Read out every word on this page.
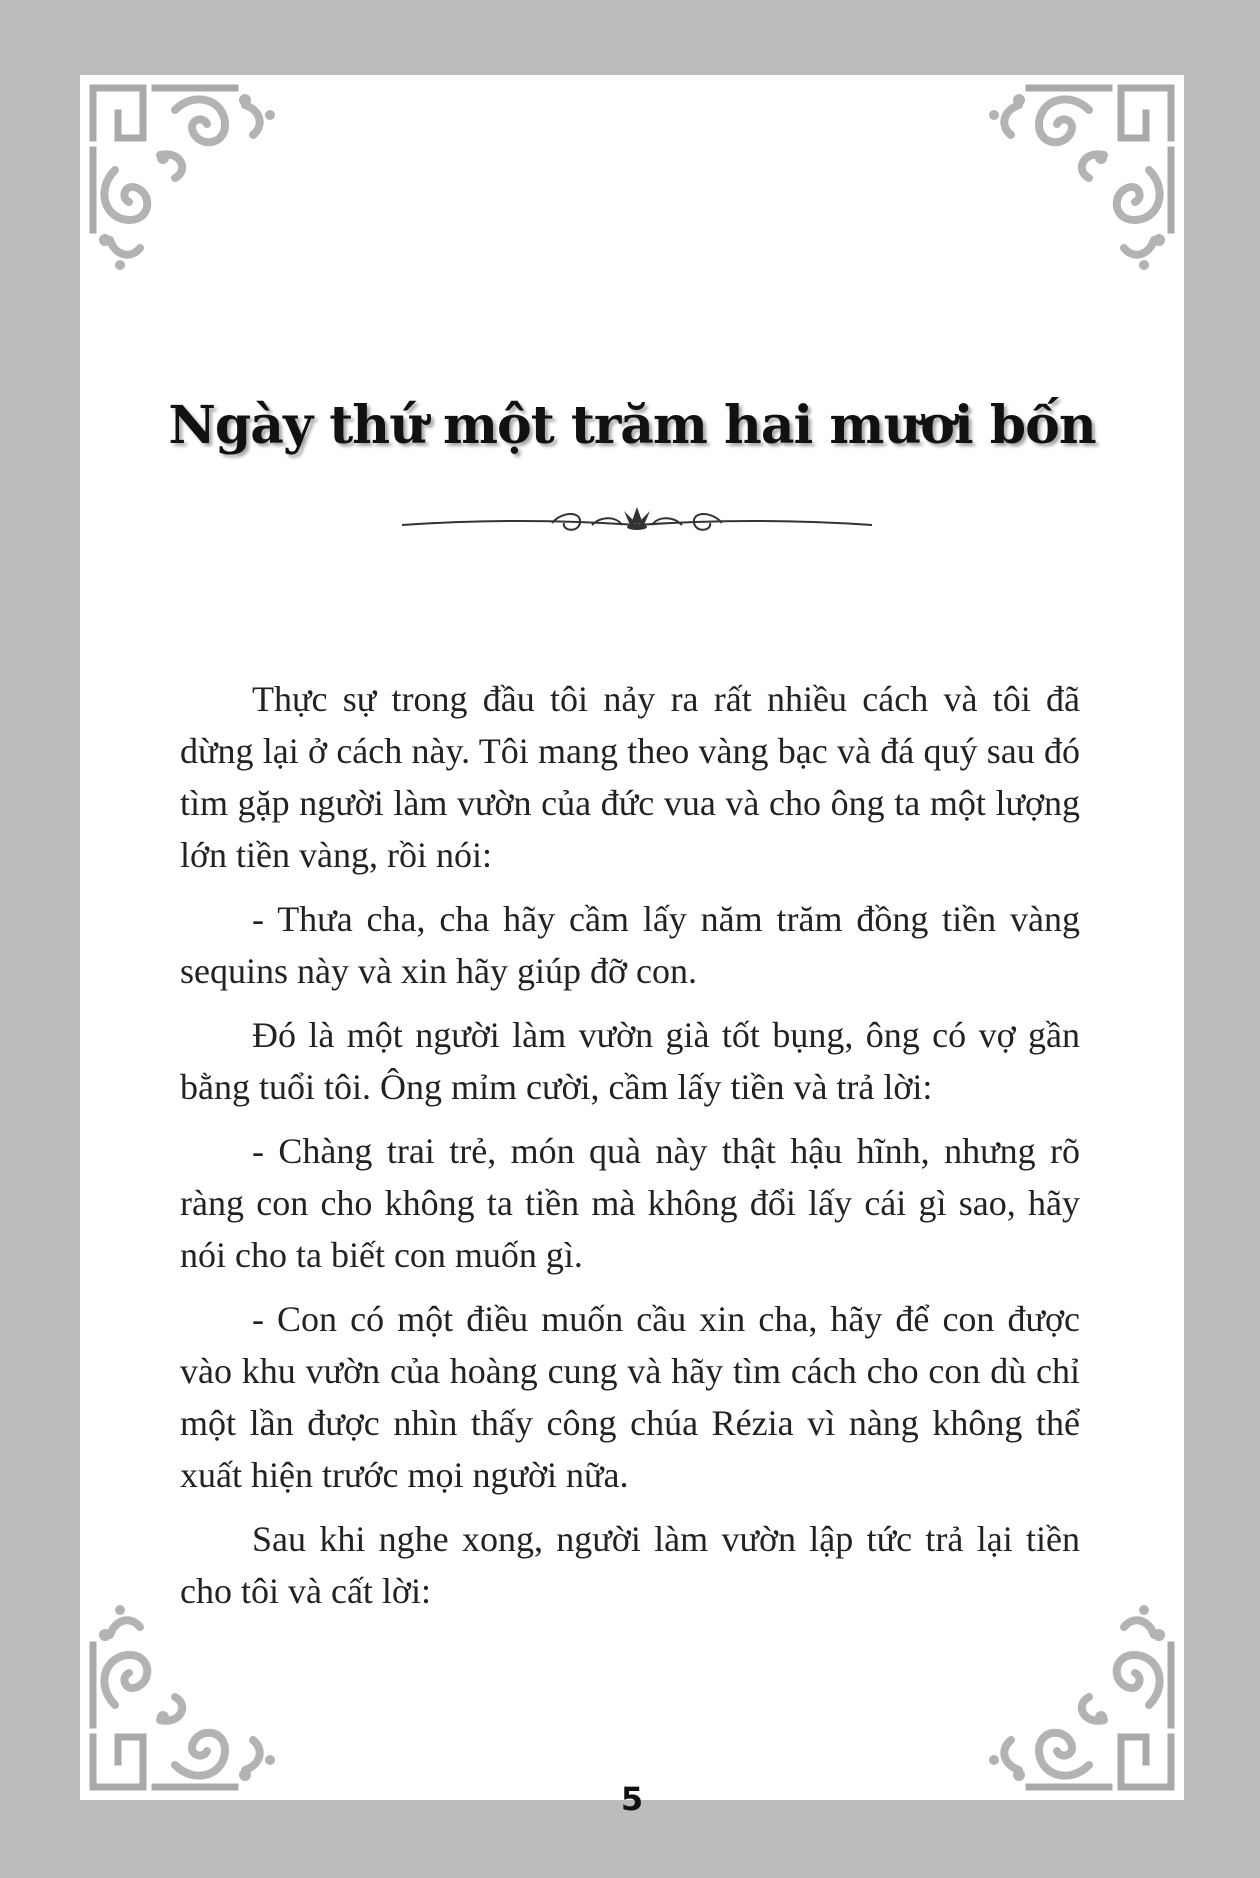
Ngày thứ một trăm hai mươi bốn

Thực sự trong đầu tôi nảy ra rất nhiều cách và tôi đã dừng lại ở cách này. Tôi mang theo vàng bạc và đá quý sau đó tìm gặp người làm vườn của đức vua và cho ông ta một lượng lớn tiền vàng, rồi nói:

- Thưa cha, cha hãy cầm lấy năm trăm đồng tiền vàng sequins này và xin hãy giúp đỡ con.

Đó là một người làm vườn già tốt bụng, ông có vợ gần bằng tuổi tôi. Ông mỉm cười, cầm lấy tiền và trả lời:

- Chàng trai trẻ, món quà này thật hậu hĩnh, nhưng rõ ràng con cho không ta tiền mà không đổi lấy cái gì sao, hãy nói cho ta biết con muốn gì.

- Con có một điều muốn cầu xin cha, hãy để con được vào khu vườn của hoàng cung và hãy tìm cách cho con dù chỉ một lần được nhìn thấy công chúa Rézia vì nàng không thể xuất hiện trước mọi người nữa.

Sau khi nghe xong, người làm vườn lập tức trả lại tiền cho tôi và cất lời:

5
